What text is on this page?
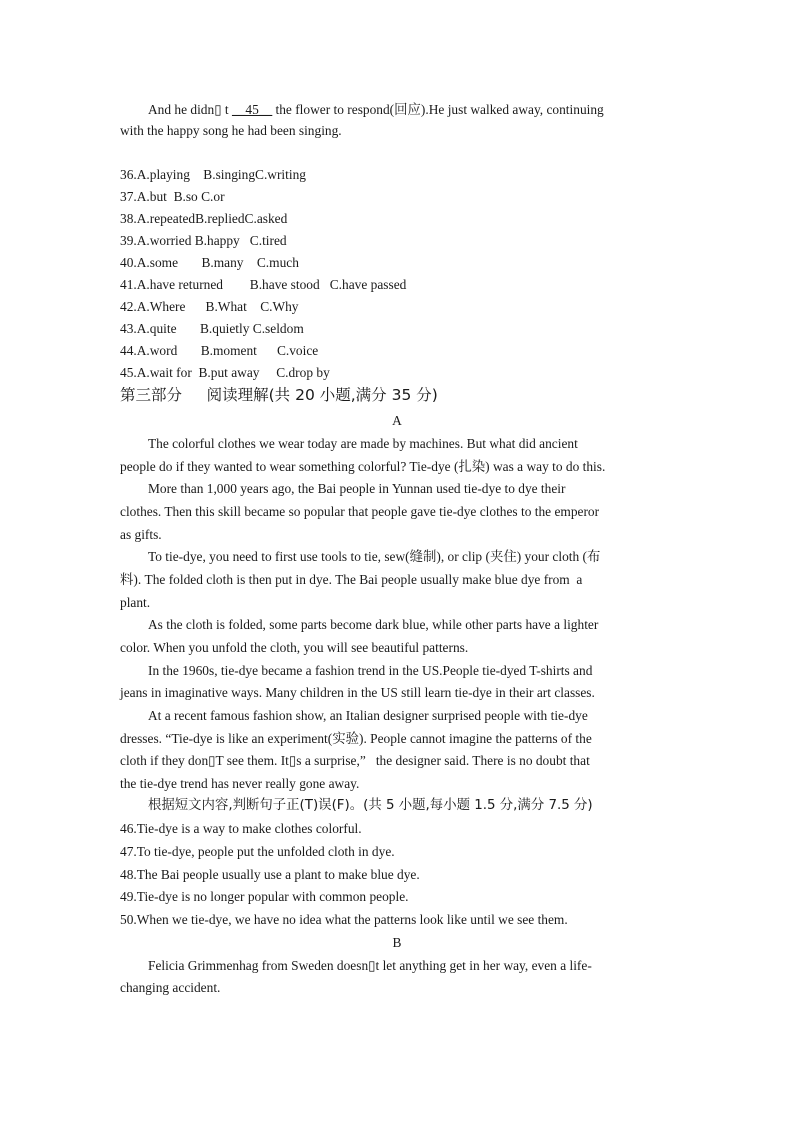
And he didn▯ t __45__ the flower to respond(回应).He just walked away, continuing
with the happy song he had been singing.
36.A.playing    B.singingC.writing
37.A.but  B.so C.or
38.A.repeatedB.repliedC.asked
39.A.worried B.happy   C.tired
40.A.some       B.many    C.much
41.A.have returned        B.have stood   C.have passed
42.A.Where      B.What    C.Why
43.A.quite       B.quietly C.seldom
44.A.word       B.moment      C.voice
45.A.wait for  B.put away     C.drop by
第三部分     阅读理解(共 20 小题,满分 35 分)
A
The colorful clothes we wear today are made by machines. But what did ancient
people do if they wanted to wear something colorful? Tie-dye (扎染) was a way to do this.
More than 1,000 years ago, the Bai people in Yunnan used tie-dye to dye their
clothes. Then this skill became so popular that people gave tie-dye clothes to the emperor
as gifts.
To tie-dye, you need to first use tools to tie, sew(缝制), or clip (夹住) your cloth (布
料). The folded cloth is then put in dye. The Bai people usually make blue dye from  a
plant.
As the cloth is folded, some parts become dark blue, while other parts have a lighter
color. When you unfold the cloth, you will see beautiful patterns.
In the 1960s, tie-dye became a fashion trend in the US.People tie-dyed T-shirts and
jeans in imaginative ways. Many children in the US still learn tie-dye in their art classes.
At a recent famous fashion show, an Italian designer surprised people with tie-dye
dresses. “Tie-dye is like an experiment(实验). People cannot imagine the patterns of the
cloth if they don▯T see them. It▯s a surprise,”   the designer said. There is no doubt that
the tie-dye trend has never really gone away.
根据短文内容,判断句子正(T)误(F)。(共 5 小题,每小题 1.5 分,满分 7.5 分)
46.Tie-dye is a way to make clothes colorful.
47.To tie-dye, people put the unfolded cloth in dye.
48.The Bai people usually use a plant to make blue dye.
49.Tie-dye is no longer popular with common people.
50.When we tie-dye, we have no idea what the patterns look like until we see them.
B
Felicia Grimmenhag from Sweden doesn▯t let anything get in her way, even a life-
changing accident.
